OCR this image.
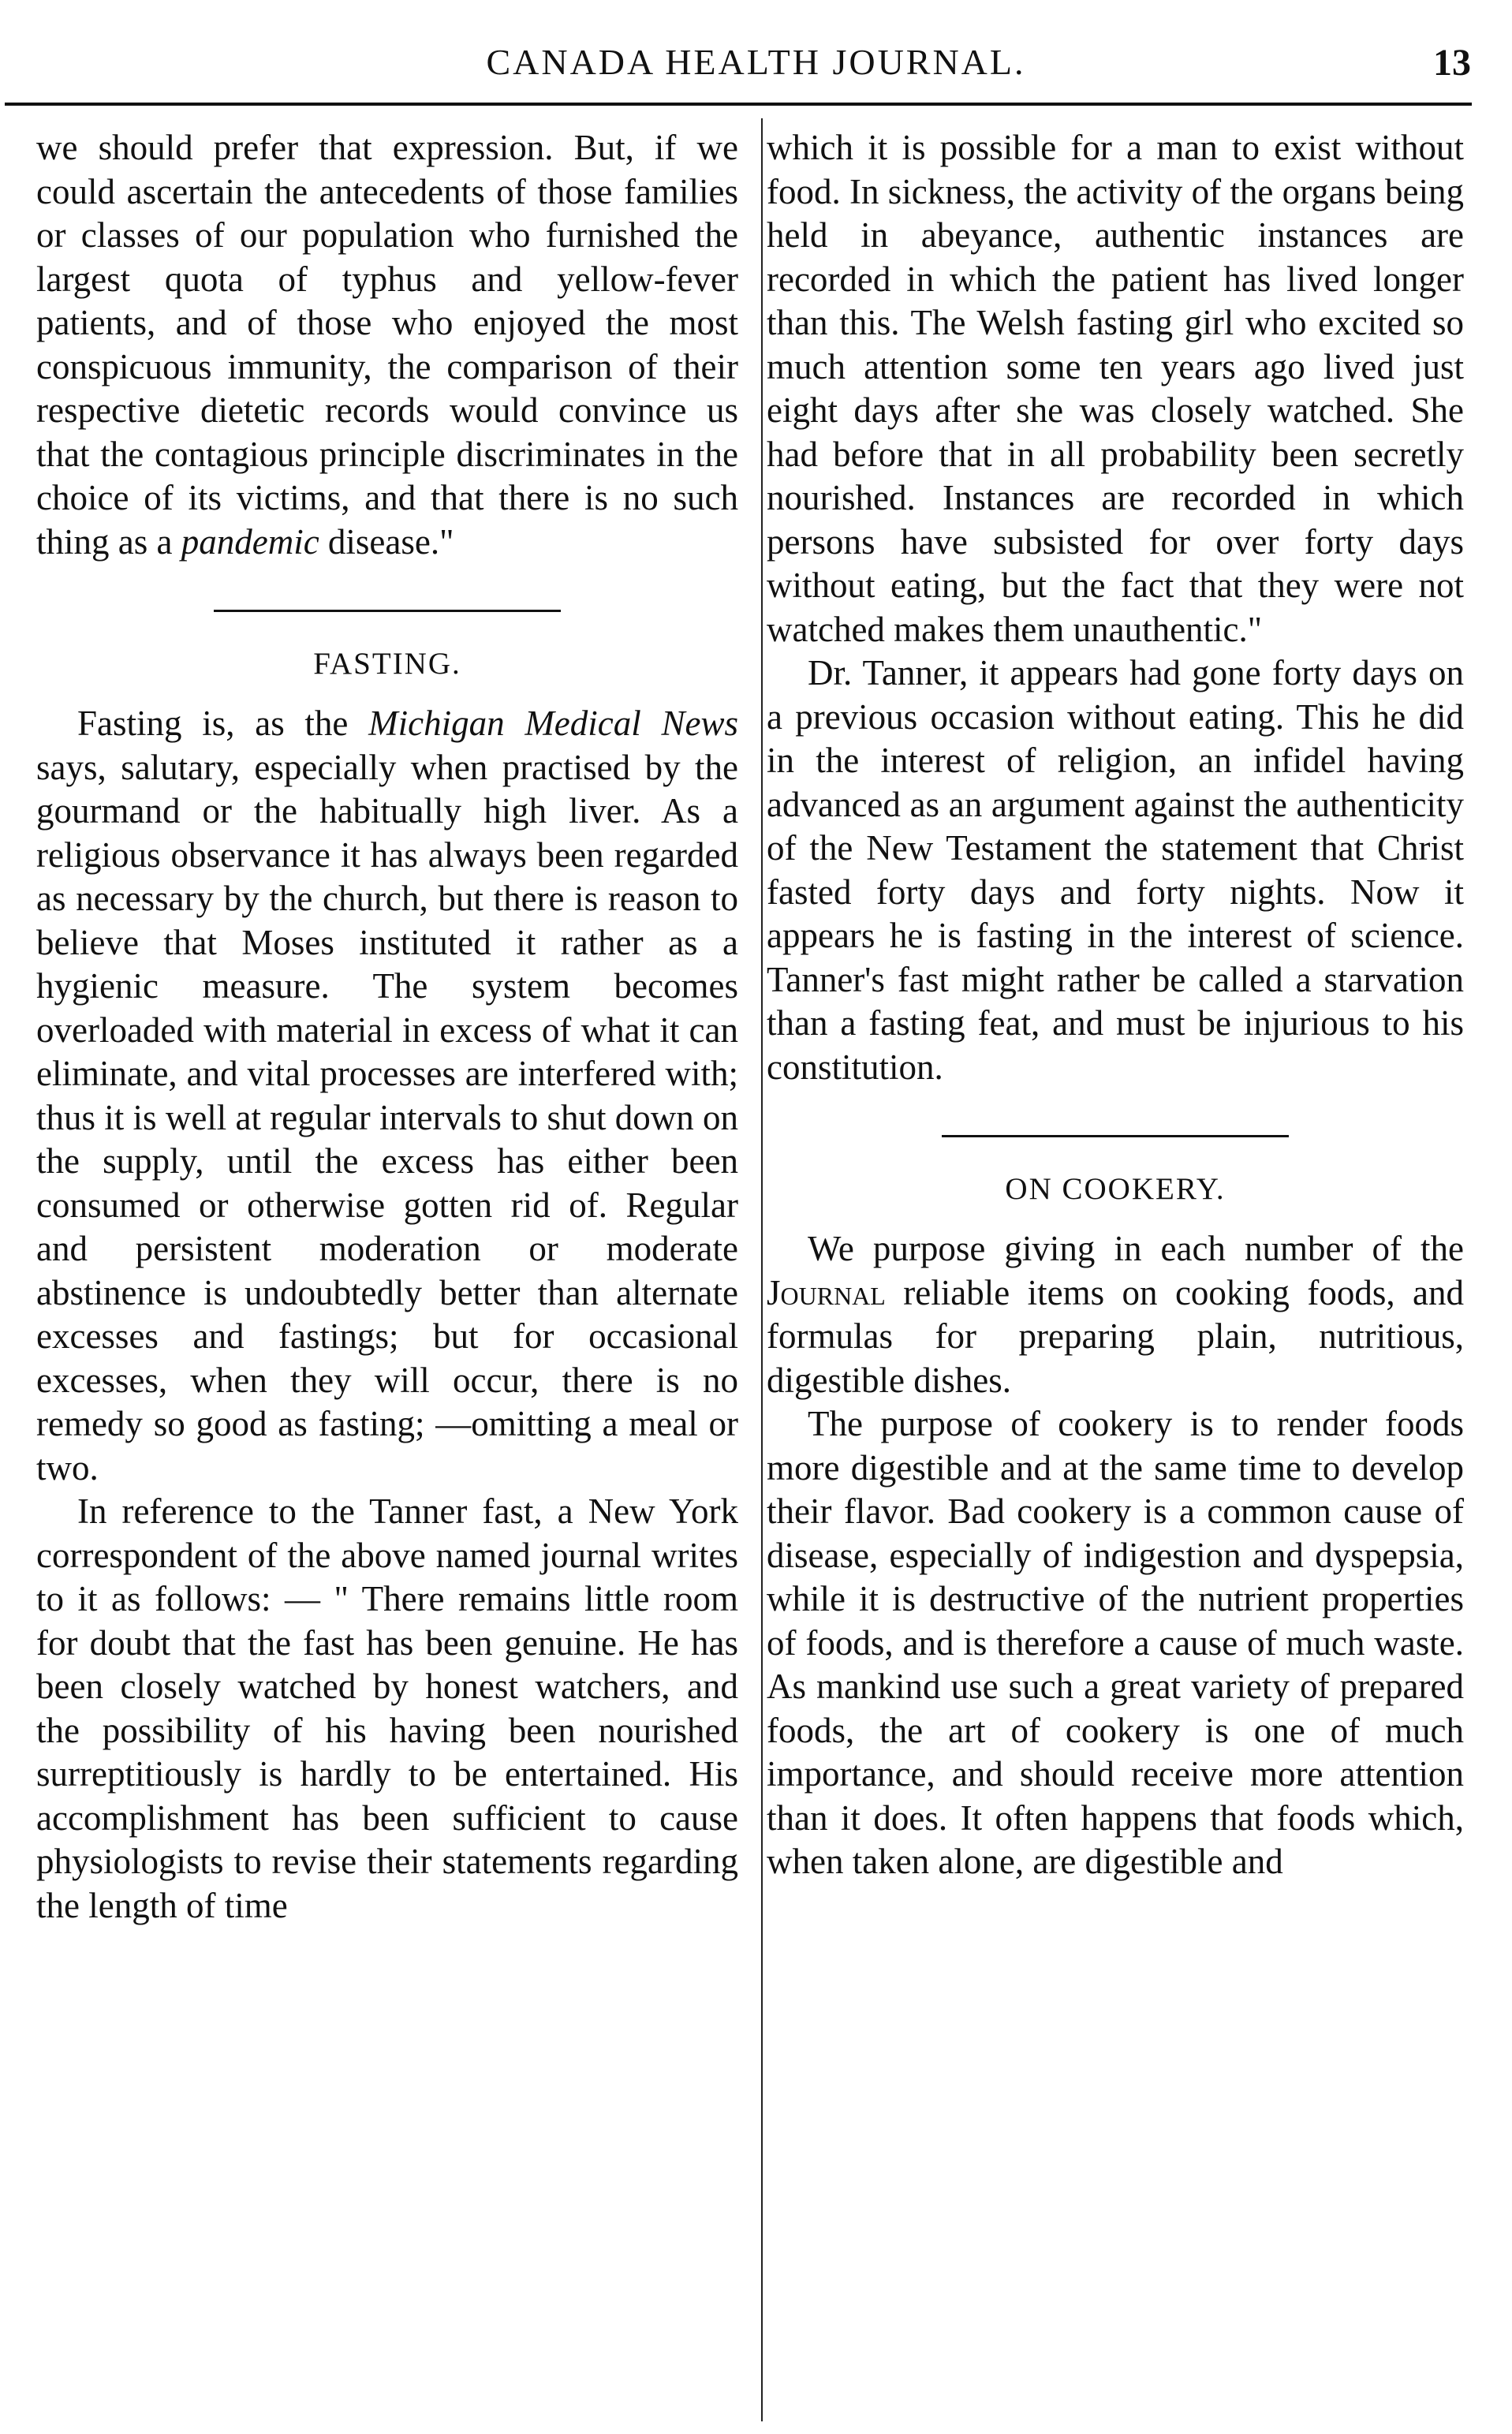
CANADA HEALTH JOURNAL.	13

we should prefer that expression. But, if we could ascertain the antecedents of those families or classes of our population who furnished the largest quota of typhus and yellow-fever patients, and of those who enjoyed the most conspicuous immunity, the comparison of their respective dietetic records would convince us that the contagious principle discriminates in the choice of its victims, and that there is no such thing as a pandemic disease."

FASTING.

Fasting is, as the Michigan Medical News says, salutary, especially when practised by the gourmand or the habitually high liver. As a religious observance it has always been regarded as necessary by the church, but there is reason to believe that Moses instituted it rather as a hygienic measure. The system becomes overloaded with material in excess of what it can eliminate, and vital processes are interfered with; thus it is well at regular intervals to shut down on the supply, until the excess has either been consumed or otherwise gotten rid of. Regular and persistent moderation or moderate abstinence is undoubtedly better than alternate excesses and fastings; but for occasional excesses, when they will occur, there is no remedy so good as fasting; —omitting a meal or two.

In reference to the Tanner fast, a New York correspondent of the above named journal writes to it as follows: — " There remains little room for doubt that the fast has been genuine. He has been closely watched by honest watchers, and the possibility of his having been nourished surreptitiously is hardly to be entertained. His accomplishment has been sufficient to cause physiologists to revise their statements regarding the length of time

which it is possible for a man to exist without food. In sickness, the activity of the organs being held in abeyance, authentic instances are recorded in which the patient has lived longer than this. The Welsh fasting girl who excited so much attention some ten years ago lived just eight days after she was closely watched. She had before that in all probability been secretly nourished. Instances are recorded in which persons have subsisted for over forty days without eating, but the fact that they were not watched makes them unauthentic."

Dr. Tanner, it appears had gone forty days on a previous occasion without eating. This he did in the interest of religion, an infidel having advanced as an argument against the authenticity of the New Testament the statement that Christ fasted forty days and forty nights. Now it appears he is fasting in the interest of science. Tanner's fast might rather be called a starvation than a fasting feat, and must be injurious to his constitution.

ON COOKERY.

We purpose giving in each number of the Journal reliable items on cooking foods, and formulas for preparing plain, nutritious, digestible dishes.

The purpose of cookery is to render foods more digestible and at the same time to develop their flavor. Bad cookery is a common cause of disease, especially of indigestion and dyspepsia, while it is destructive of the nutrient properties of foods, and is therefore a cause of much waste. As mankind use such a great variety of prepared foods, the art of cookery is one of much importance, and should receive more attention than it does. It often happens that foods which, when taken alone, are digestible and
